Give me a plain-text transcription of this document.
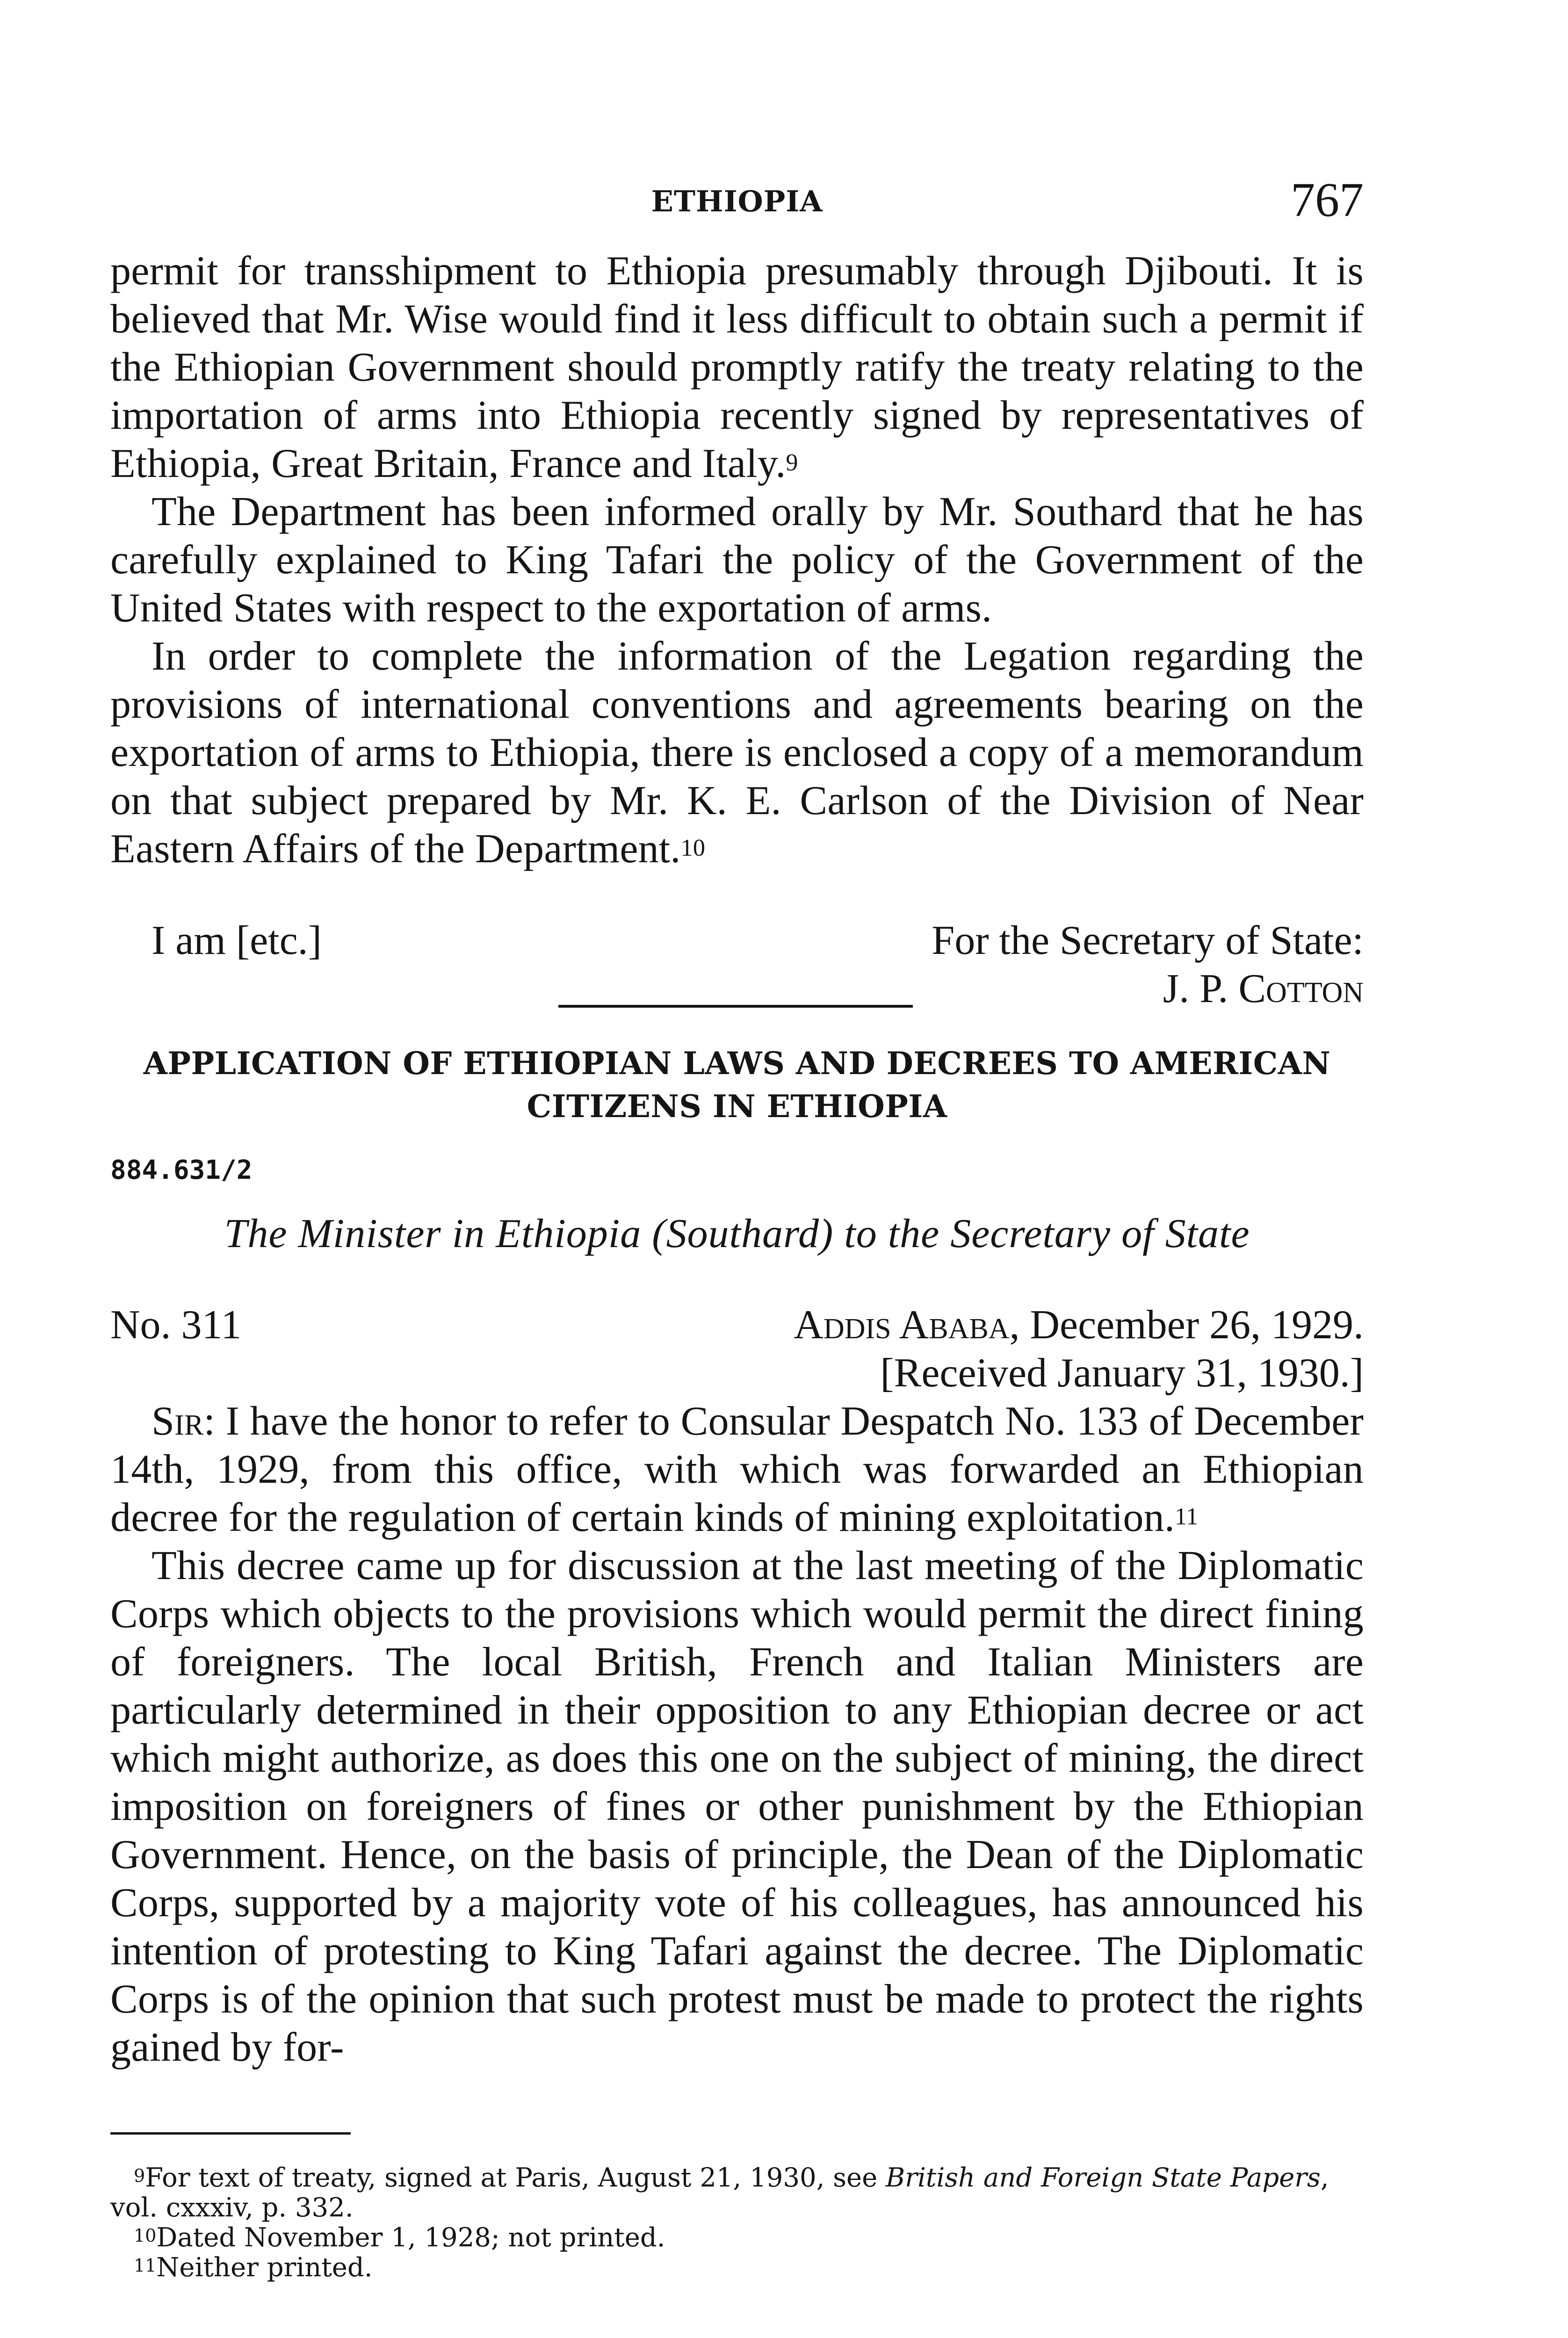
ETHIOPIA	767

permit for transshipment to Ethiopia presumably through Djibouti. It is believed that Mr. Wise would find it less difficult to obtain such a permit if the Ethiopian Government should promptly ratify the treaty relating to the importation of arms into Ethiopia recently signed by representatives of Ethiopia, Great Britain, France and Italy.$^9$

The Department has been informed orally by Mr. Southard that he has carefully explained to King Tafari the policy of the Government of the United States with respect to the exportation of arms.

In order to complete the information of the Legation regarding the provisions of international conventions and agreements bearing on the exportation of arms to Ethiopia, there is enclosed a copy of a memorandum on that subject prepared by Mr. K. E. Carlson of the Division of Near Eastern Affairs of the Department.$^{10}$

I am [etc.]	For the Secretary of State:
J. P. Cotton
APPLICATION OF ETHIOPIAN LAWS AND DECREES TO AMERICAN
CITIZENS IN ETHIOPIA
884.631/2
The Minister in Ethiopia (Southard) to the Secretary of State
No. 311	Addis Ababa, December 26, 1929.
[Received January 31, 1930.]

Sir: I have the honor to refer to Consular Despatch No. 133 of December 14th, 1929, from this office, with which was forwarded an Ethiopian decree for the regulation of certain kinds of mining exploitation.$^{11}$

This decree came up for discussion at the last meeting of the Diplomatic Corps which objects to the provisions which would permit the direct fining of foreigners. The local British, French and Italian Ministers are particularly determined in their opposition to any Ethiopian decree or act which might authorize, as does this one on the subject of mining, the direct imposition on foreigners of fines or other punishment by the Ethiopian Government. Hence, on the basis of principle, the Dean of the Diplomatic Corps, supported by a majority vote of his colleagues, has announced his intention of protesting to King Tafari against the decree. The Diplomatic Corps is of the opinion that such protest must be made to protect the rights gained by for-

$^9$For text of treaty, signed at Paris, August 21, 1930, see British and Foreign State Papers, vol. cxxxiv, p. 332.

$^{10}$Dated November 1, 1928; not printed.

$^{11}$Neither printed.
